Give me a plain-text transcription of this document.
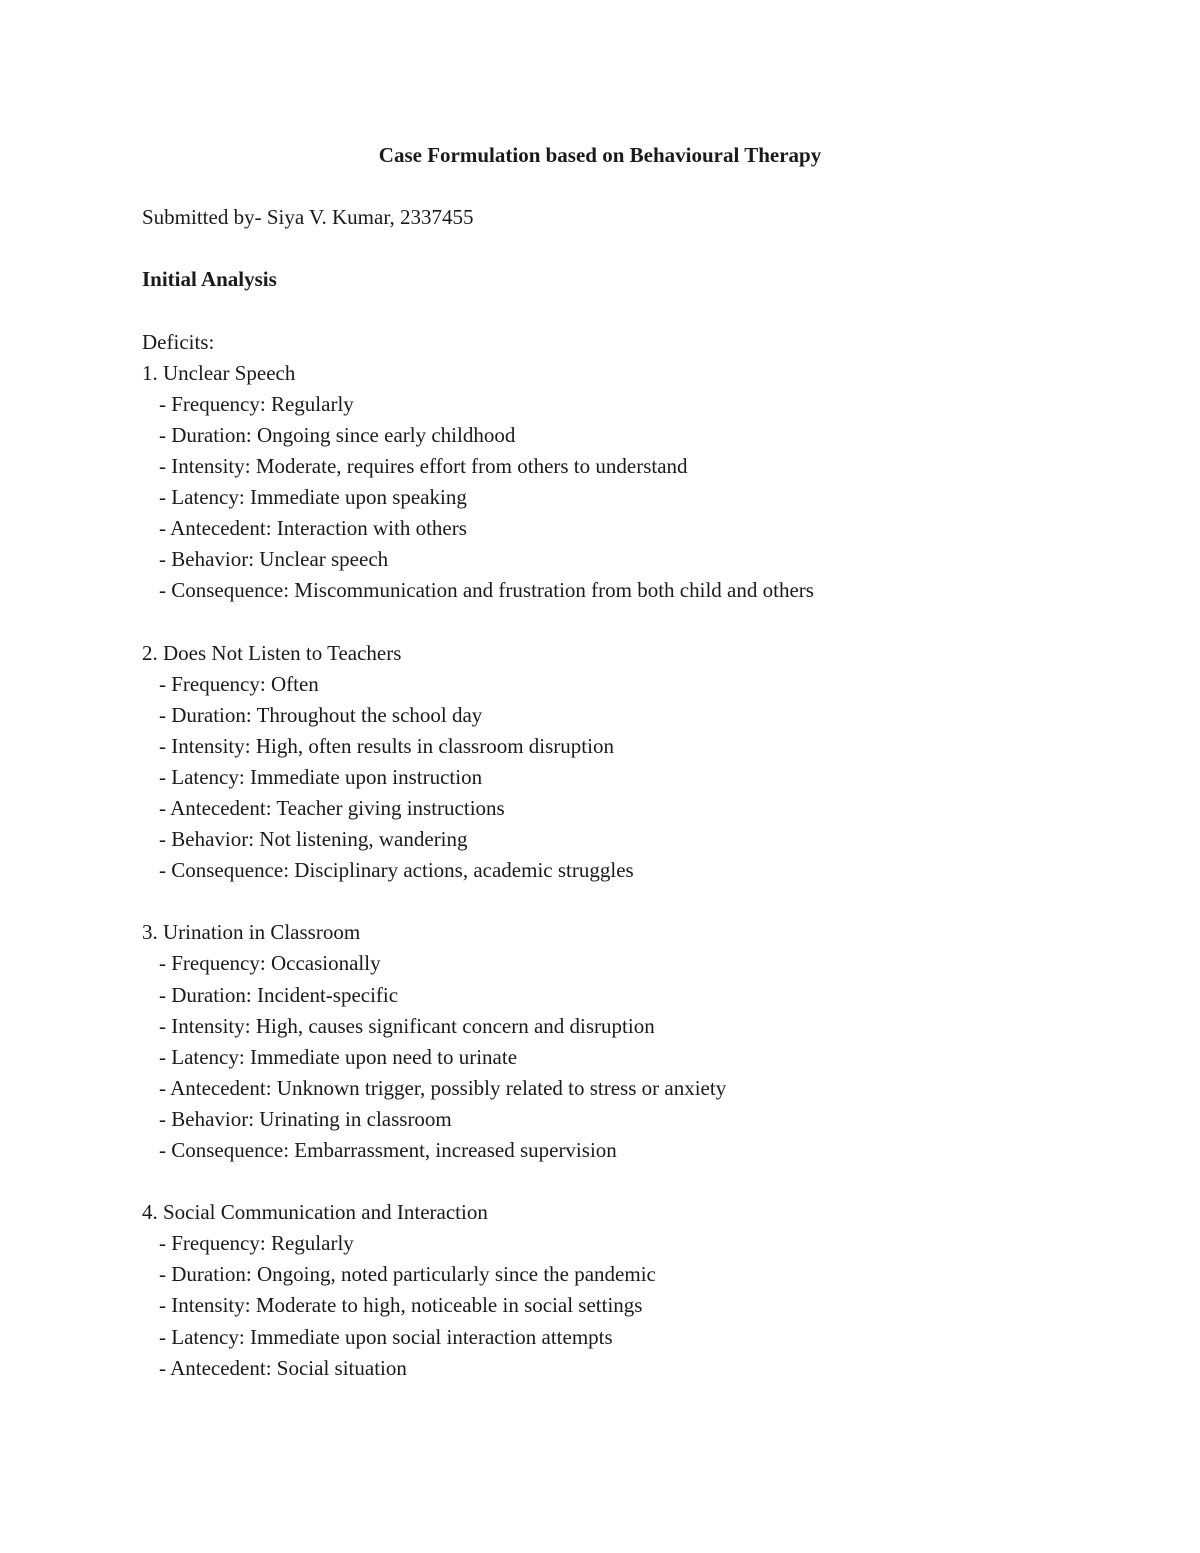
Case Formulation based on Behavioural Therapy

Submitted by- Siya V. Kumar, 2337455

Initial Analysis

Deficits:

1. Unclear Speech

- Frequency: Regularly

- Duration: Ongoing since early childhood

- Intensity: Moderate, requires effort from others to understand

- Latency: Immediate upon speaking

- Antecedent: Interaction with others

- Behavior: Unclear speech

- Consequence: Miscommunication and frustration from both child and others

2. Does Not Listen to Teachers

- Frequency: Often

- Duration: Throughout the school day

- Intensity: High, often results in classroom disruption

- Latency: Immediate upon instruction

- Antecedent: Teacher giving instructions

- Behavior: Not listening, wandering

- Consequence: Disciplinary actions, academic struggles

3. Urination in Classroom

- Frequency: Occasionally

- Duration: Incident-specific

- Intensity: High, causes significant concern and disruption

- Latency: Immediate upon need to urinate

- Antecedent: Unknown trigger, possibly related to stress or anxiety

- Behavior: Urinating in classroom

- Consequence: Embarrassment, increased supervision

4. Social Communication and Interaction

- Frequency: Regularly

- Duration: Ongoing, noted particularly since the pandemic

- Intensity: Moderate to high, noticeable in social settings

- Latency: Immediate upon social interaction attempts

- Antecedent: Social situation
